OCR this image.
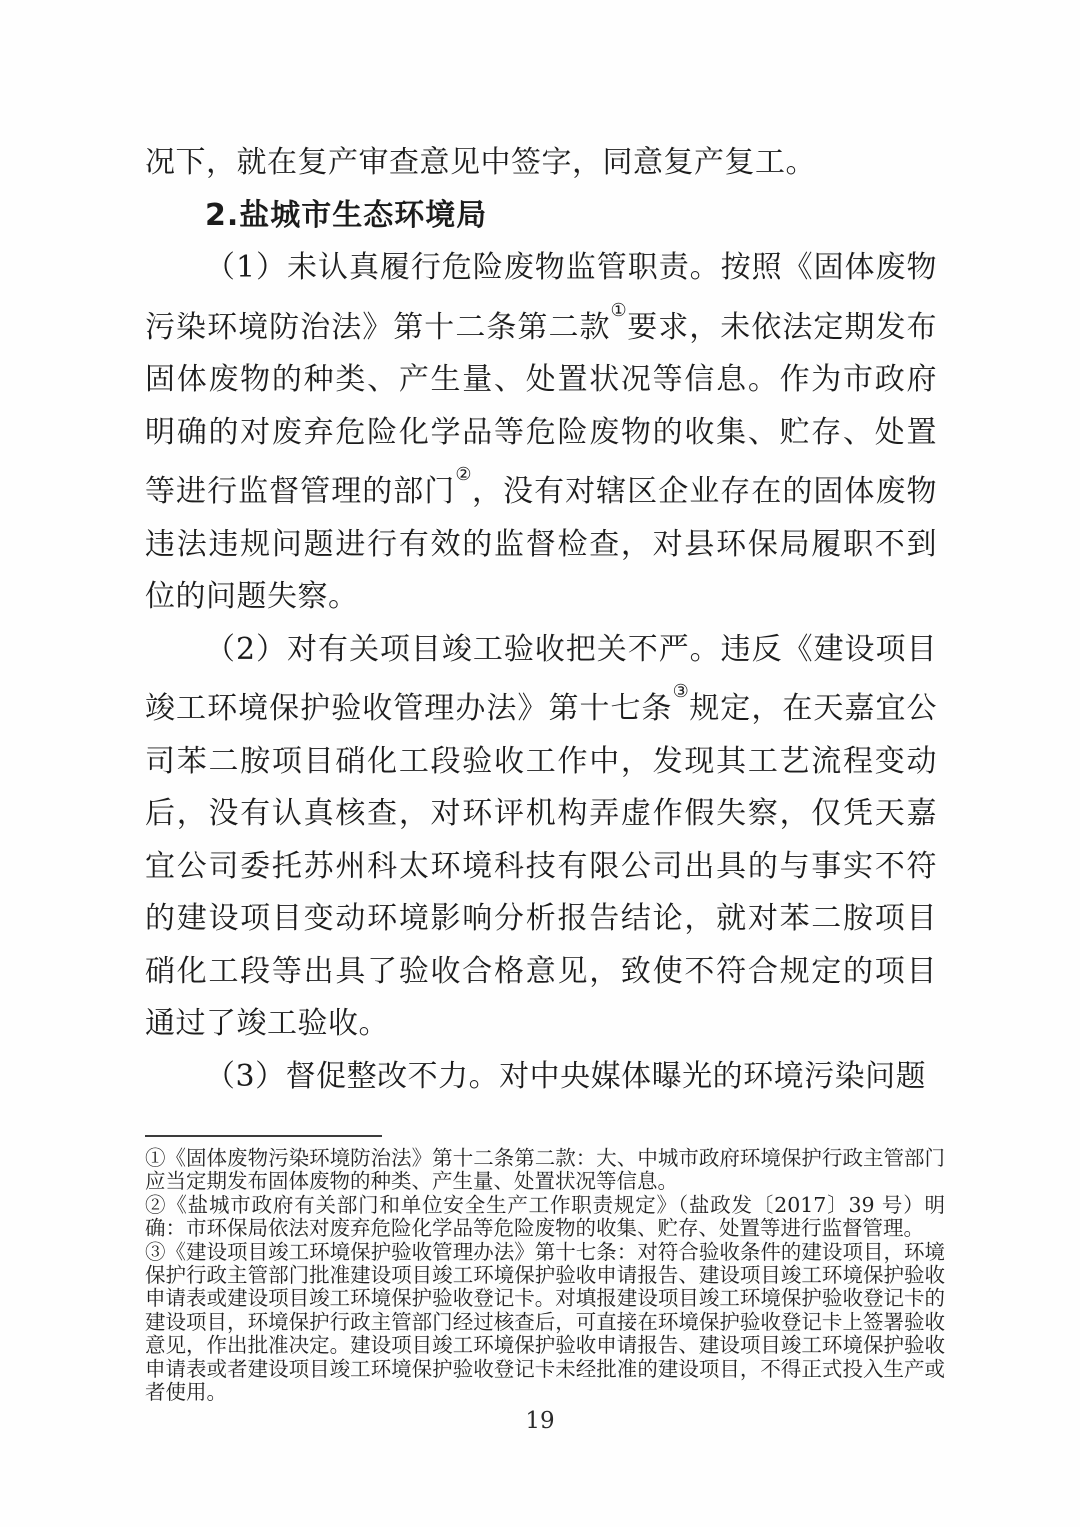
况下，就在复产审查意见中签字，同意复产复工。

2.盐城市生态环境局

（1）未认真履行危险废物监管职责。按照《固体废物污染环境防治法》第十二条第二款①要求，未依法定期发布固体废物的种类、产生量、处置状况等信息。作为市政府明确的对废弃危险化学品等危险废物的收集、贮存、处置等进行监督管理的部门②，没有对辖区企业存在的固体废物违法违规问题进行有效的监督检查，对县环保局履职不到位的问题失察。

（2）对有关项目竣工验收把关不严。违反《建设项目竣工环境保护验收管理办法》第十七条③规定，在天嘉宜公司苯二胺项目硝化工段验收工作中，发现其工艺流程变动后，没有认真核查，对环评机构弄虚作假失察，仅凭天嘉宜公司委托苏州科太环境科技有限公司出具的与事实不符的建设项目变动环境影响分析报告结论，就对苯二胺项目硝化工段等出具了验收合格意见，致使不符合规定的项目通过了竣工验收。

（3）督促整改不力。对中央媒体曝光的环境污染问题

①《固体废物污染环境防治法》第十二条第二款：大、中城市政府环境保护行政主管部门应当定期发布固体废物的种类、产生量、处置状况等信息。

②《盐城市政府有关部门和单位安全生产工作职责规定》（盐政发〔2017〕39 号）明确：市环保局依法对废弃危险化学品等危险废物的收集、贮存、处置等进行监督管理。

③《建设项目竣工环境保护验收管理办法》第十七条：对符合验收条件的建设项目，环境保护行政主管部门批准建设项目竣工环境保护验收申请报告、建设项目竣工环境保护验收申请表或建设项目竣工环境保护验收登记卡。对填报建设项目竣工环境保护验收登记卡的建设项目，环境保护行政主管部门经过核查后，可直接在环境保护验收登记卡上签署验收意见，作出批准决定。建设项目竣工环境保护验收申请报告、建设项目竣工环境保护验收申请表或者建设项目竣工环境保护验收登记卡未经批准的建设项目，不得正式投入生产或者使用。

19
